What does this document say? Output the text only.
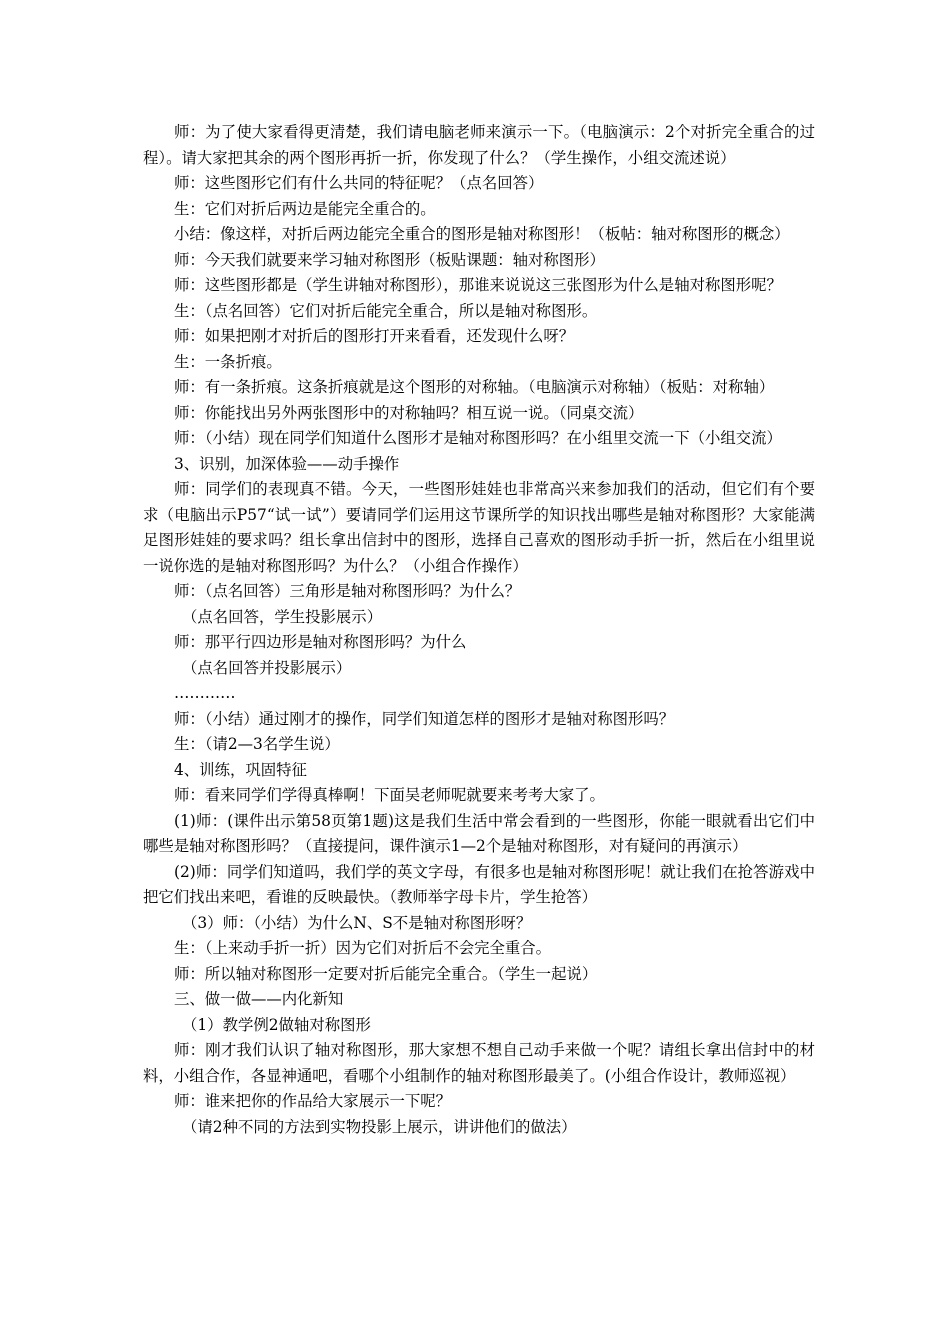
师：为了使大家看得更清楚，我们请电脑老师来演示一下。（电脑演示：2个对折完全重合的过程）。请大家把其余的两个图形再折一折，你发现了什么？（学生操作，小组交流述说）

师：这些图形它们有什么共同的特征呢？（点名回答）

生：它们对折后两边是能完全重合的。

小结：像这样，对折后两边能完全重合的图形是轴对称图形！（板帖：轴对称图形的概念）

师：今天我们就要来学习轴对称图形（板贴课题：轴对称图形）

师：这些图形都是（学生讲轴对称图形），那谁来说说这三张图形为什么是轴对称图形呢？

生：（点名回答）它们对折后能完全重合，所以是轴对称图形。

师：如果把刚才对折后的图形打开来看看，还发现什么呀？

生：一条折痕。

师：有一条折痕。这条折痕就是这个图形的对称轴。（电脑演示对称轴）（板贴：对称轴）

师：你能找出另外两张图形中的对称轴吗？相互说一说。（同桌交流）

师：（小结）现在同学们知道什么图形才是轴对称图形吗？在小组里交流一下（小组交流）

3、识别，加深体验——动手操作

师：同学们的表现真不错。今天，一些图形娃娃也非常高兴来参加我们的活动，但它们有个要求（电脑出示P57“试一试”）要请同学们运用这节课所学的知识找出哪些是轴对称图形？大家能满足图形娃娃的要求吗？组长拿出信封中的图形，选择自己喜欢的图形动手折一折，然后在小组里说一说你选的是轴对称图形吗？为什么？（小组合作操作）

师：（点名回答）三角形是轴对称图形吗？为什么？

（点名回答，学生投影展示）

师：那平行四边形是轴对称图形吗？为什么

（点名回答并投影展示）

…………

师：（小结）通过刚才的操作，同学们知道怎样的图形才是轴对称图形吗？

生：（请2—3名学生说）

4、训练，巩固特征

师：看来同学们学得真棒啊！下面吴老师呢就要来考考大家了。

(1)师：(课件出示第58页第1题)这是我们生活中常会看到的一些图形，你能一眼就看出它们中哪些是轴对称图形吗？（直接提问，课件演示1—2个是轴对称图形，对有疑问的再演示）

(2)师：同学们知道吗，我们学的英文字母，有很多也是轴对称图形呢！就让我们在抢答游戏中把它们找出来吧，看谁的反映最快。（教师举字母卡片，学生抢答）

（3）师：（小结）为什么N、S不是轴对称图形呀？

生：（上来动手折一折）因为它们对折后不会完全重合。

师：所以轴对称图形一定要对折后能完全重合。（学生一起说）

三、做一做——内化新知

（1）教学例2做轴对称图形

师：刚才我们认识了轴对称图形，那大家想不想自己动手来做一个呢？请组长拿出信封中的材料，小组合作，各显神通吧，看哪个小组制作的轴对称图形最美了。(小组合作设计，教师巡视）

师：谁来把你的作品给大家展示一下呢？

（请2种不同的方法到实物投影上展示，讲讲他们的做法）
